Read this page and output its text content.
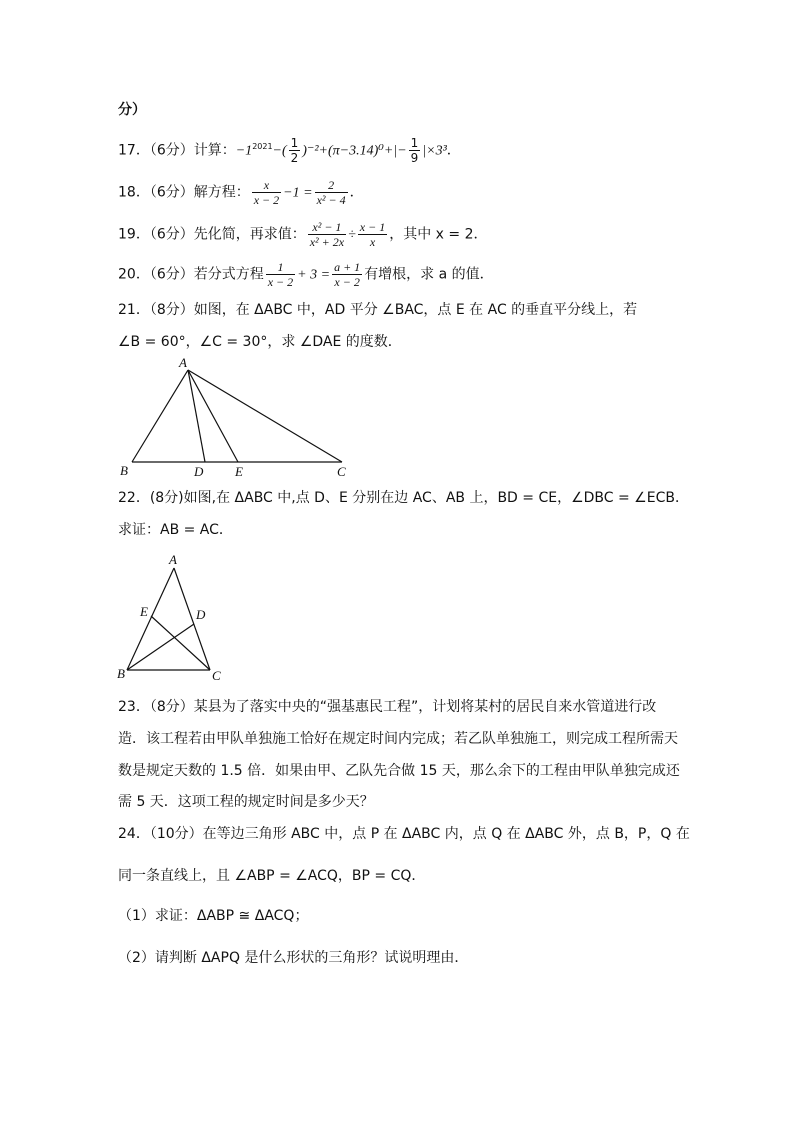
分）
17．（6分）计算：$-1^{2021}-( \frac{1}{2} )^{-2}+(\pi-3.14)^0+|- \frac{1}{9} |\times 3^3$．
18．（6分）解方程： $\frac{x}{x - 2} -1 = \frac{2}{\text{x² − 4}}$ ．
19．（6分）先化简，再求值： $\frac{\text{x² − 1}}{\text{x² + 2x}} \div \frac{x - 1}{x}$ ，其中 x = 2．
20．（6分）若分式方程 $\frac{1}{x - 2} + 3 = \frac{a + 1}{x - 2}$ 有增根，求 a 的值．
21．（8分）如图，在 ΔABC 中，AD 平分 ∠BAC，点 E 在 AC 的垂直平分线上，若
∠B = 60°，∠C = 30°，求 ∠DAE 的度数．
A
B	D E	C
22．(8分)如图,在 ΔABC 中,点 D、E 分别在边 AC、AB 上，BD = CE，∠DBC = ∠ECB．
求证：AB = AC．
A
E	D
B	C
23．（8分）某县为了落实中央的“强基惠民工程”，计划将某村的居民自来水管道进行改
造．该工程若由甲队单独施工恰好在规定时间内完成；若乙队单独施工，则完成工程所需天
数是规定天数的 1.5 倍．如果由甲、乙队先合做 15 天，那么余下的工程由甲队单独完成还
需 5 天．这项工程的规定时间是多少天？
24．（10分）在等边三角形 ABC 中，点 P 在 ΔABC 内，点 Q 在 ΔABC 外，点 B，P，Q 在
同一条直线上，且 ∠ABP = ∠ACQ，BP = CQ．
（1）求证：ΔABP ≅ ΔACQ；
（2）请判断 ΔAPQ 是什么形状的三角形？试说明理由．
